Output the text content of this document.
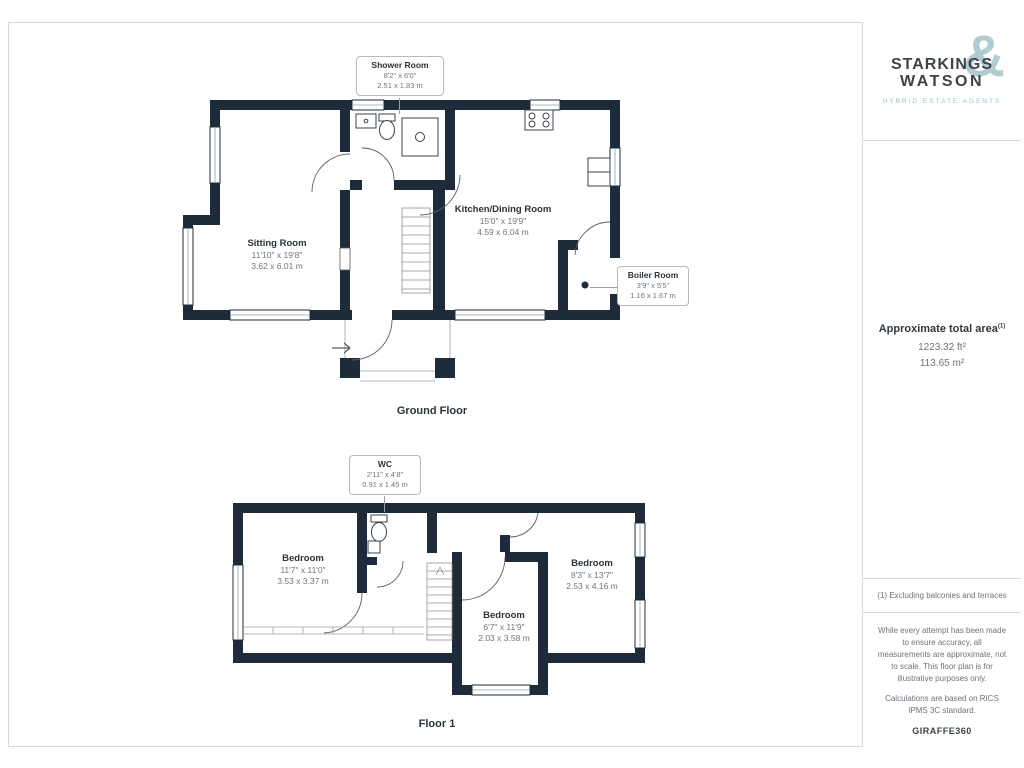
Sitting Room
11'10" x 19'8"
3.62 x 6.01 m
Kitchen/Dining Room
15'0" x 19'9"
4.59 x 6.04 m
Shower Room
8'2" x 6'0"
2.51 x 1.83 m
Boiler Room
3'9" x 5'5"
1.16 x 1.67 m
Ground Floor
WC
2'11" x 4'8"
0.91 x 1.45 m
Bedroom
11'7" x 11'0"
3.53 x 3.37 m
Bedroom
8'3" x 13'7"
2.53 x 4.16 m
Bedroom
6'7" x 11'9"
2.03 x 3.58 m
Floor 1
&
STARKINGS
WATSON
HYBRID ESTATE AGENTS
Approximate total area$^{(1)}$
1223.32 ft²
113.65 m²
(1) Excluding balconies and terraces

While every attempt has been made to ensure accuracy, all measurements are approximate, not to scale. This floor plan is for illustrative purposes only.

Calculations are based on RICS IPMS 3C standard.

GIRAFFE360
